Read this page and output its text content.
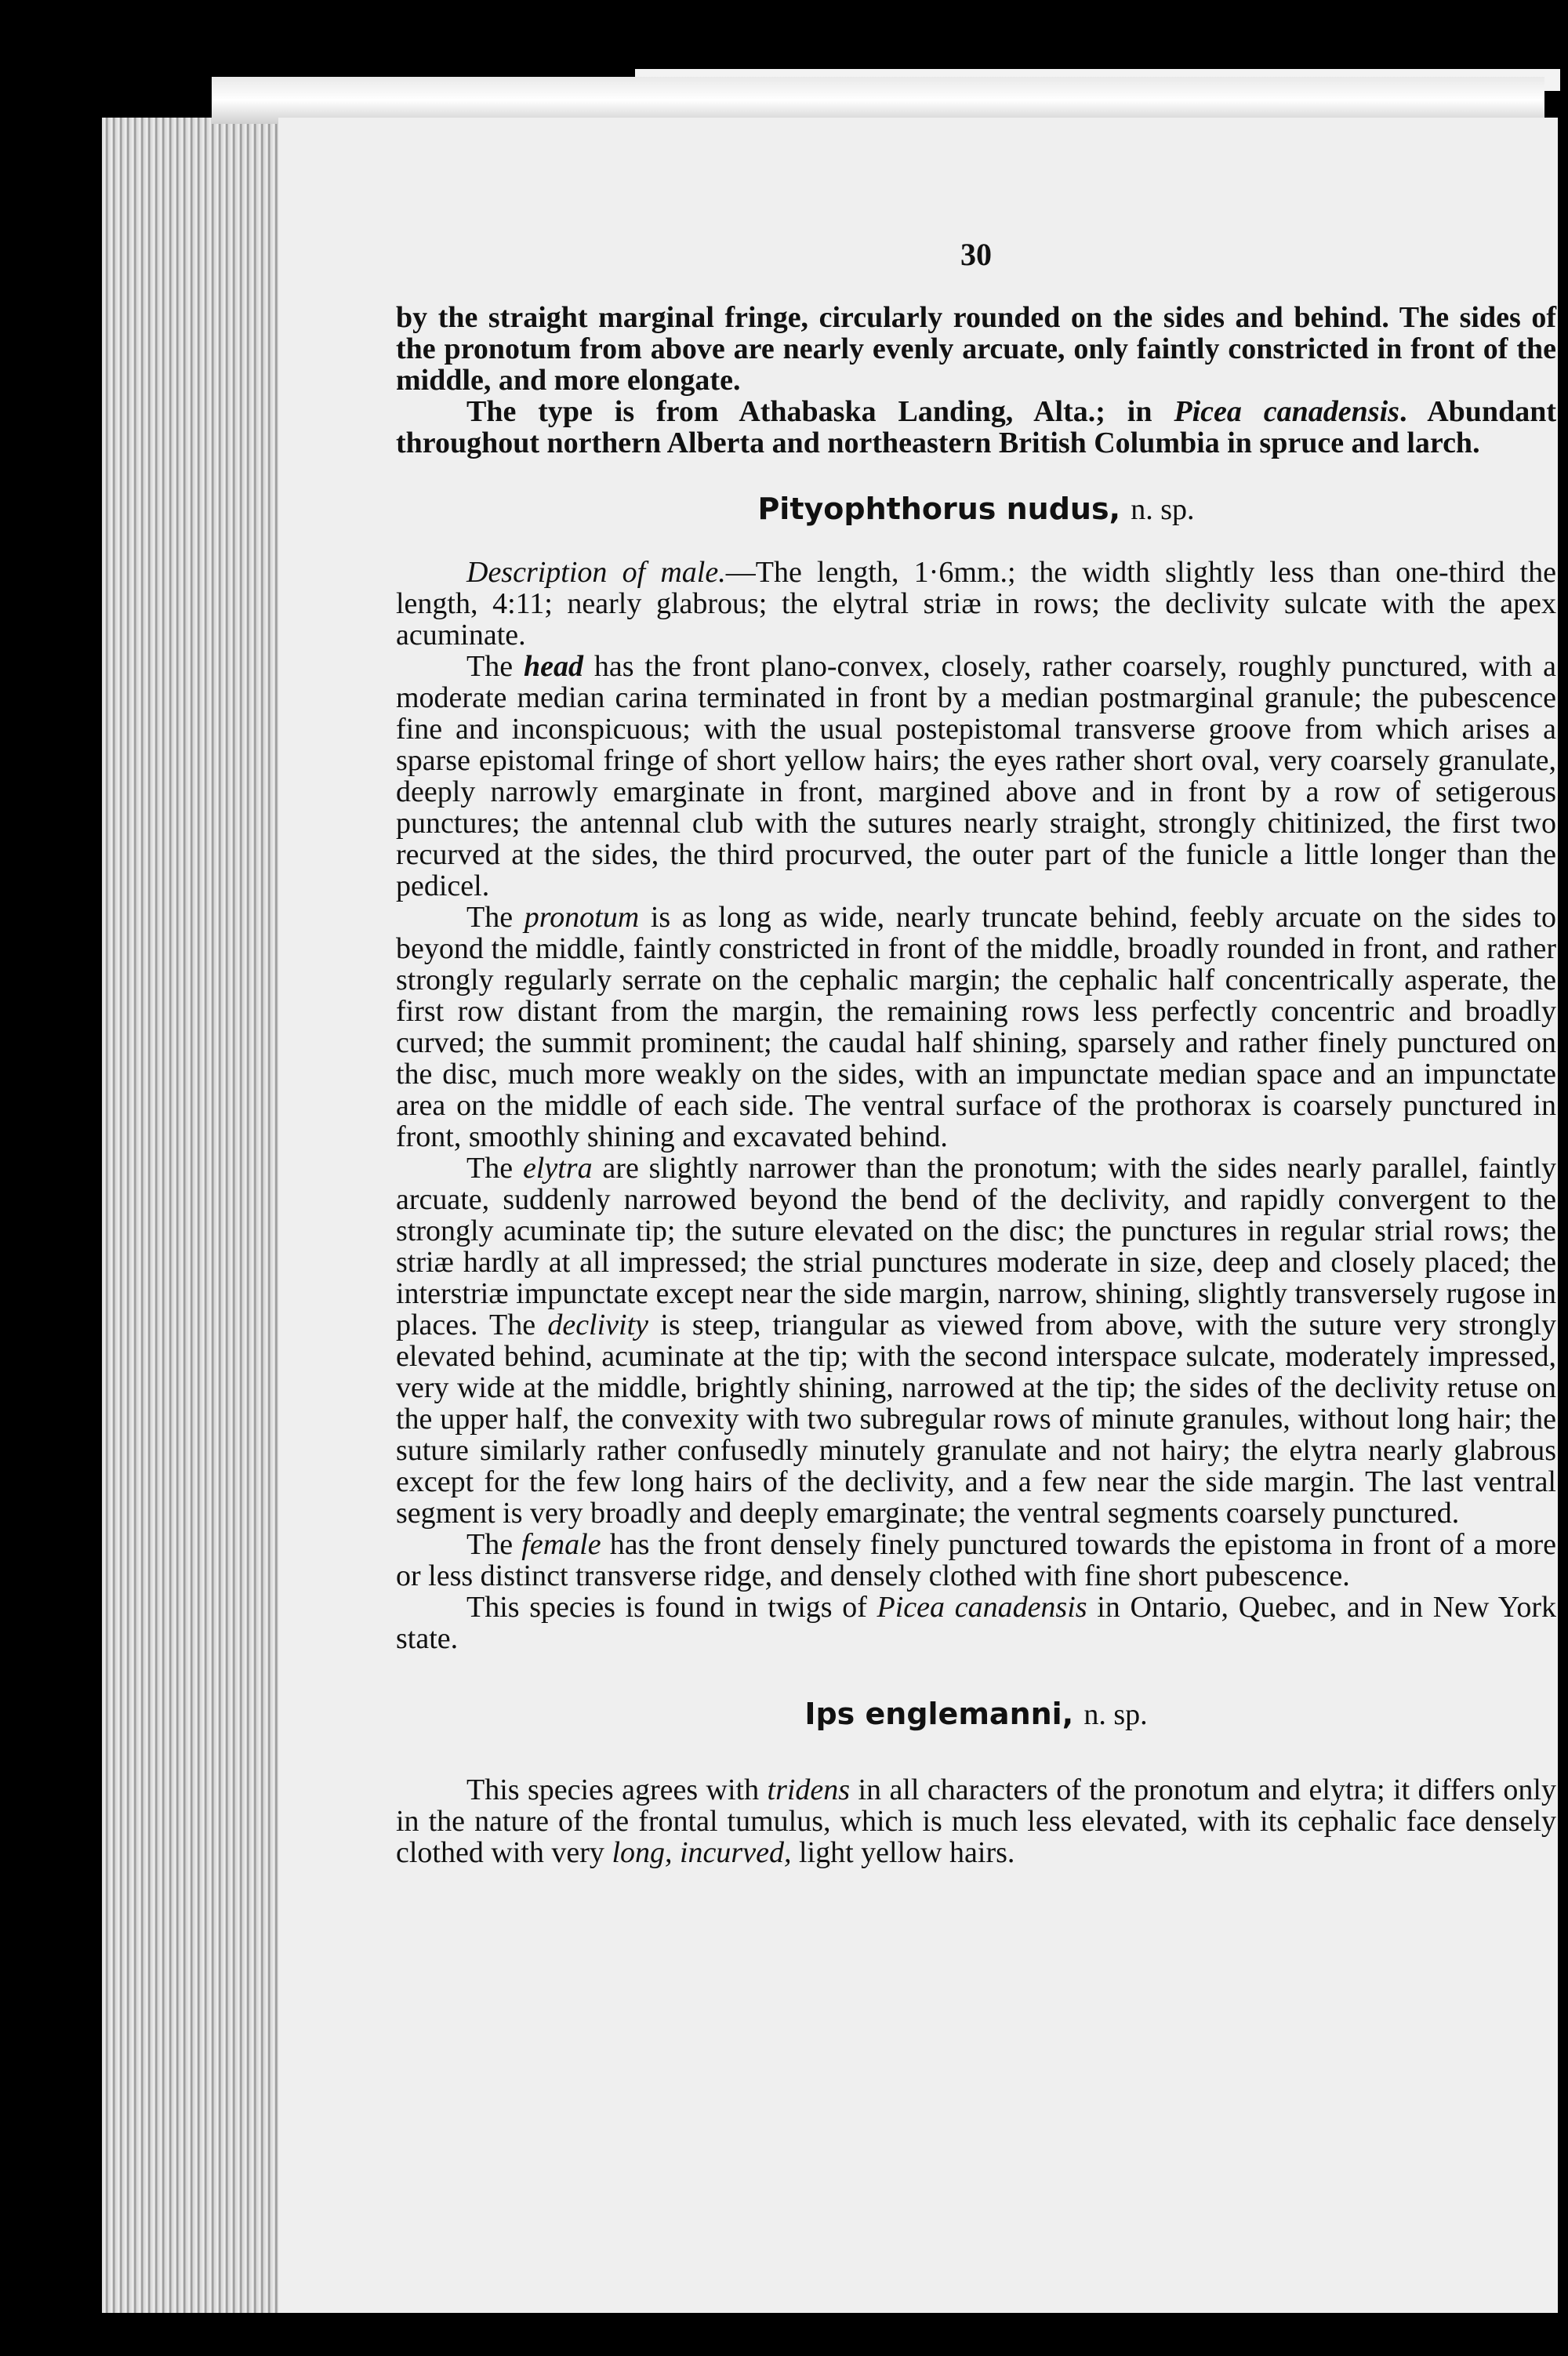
30

by the straight marginal fringe, circularly rounded on the sides and behind. The sides of the pronotum from above are nearly evenly arcuate, only faintly constricted in front of the middle, and more elongate.

The type is from Athabaska Landing, Alta.; in Picea canadensis. Abundant throughout northern Alberta and northeastern British Columbia in spruce and larch.

Pityophthorus nudus, n. sp.

Description of male.—The length, 1·6mm.; the width slightly less than one-third the length, 4:11; nearly glabrous; the elytral striæ in rows; the declivity sulcate with the apex acuminate.

The head has the front plano-convex, closely, rather coarsely, roughly punctured, with a moderate median carina terminated in front by a median postmarginal granule; the pubescence fine and inconspicuous; with the usual postepistomal transverse groove from which arises a sparse epistomal fringe of short yellow hairs; the eyes rather short oval, very coarsely granulate, deeply narrowly emarginate in front, margined above and in front by a row of setigerous punctures; the antennal club with the sutures nearly straight, strongly chitinized, the first two recurved at the sides, the third procurved, the outer part of the funicle a little longer than the pedicel.

The pronotum is as long as wide, nearly truncate behind, feebly arcuate on the sides to beyond the middle, faintly constricted in front of the middle, broadly rounded in front, and rather strongly regularly serrate on the cephalic margin; the cephalic half concentrically asperate, the first row distant from the margin, the remaining rows less perfectly concentric and broadly curved; the summit prominent; the caudal half shining, sparsely and rather finely punctured on the disc, much more weakly on the sides, with an impunctate median space and an impunctate area on the middle of each side. The ventral surface of the prothorax is coarsely punctured in front, smoothly shining and excavated behind.

The elytra are slightly narrower than the pronotum; with the sides nearly parallel, faintly arcuate, suddenly narrowed beyond the bend of the declivity, and rapidly convergent to the strongly acuminate tip; the suture elevated on the disc; the punctures in regular strial rows; the striæ hardly at all impressed; the strial punctures moderate in size, deep and closely placed; the interstriæ impunctate except near the side margin, narrow, shining, slightly transversely rugose in places. The declivity is steep, triangular as viewed from above, with the suture very strongly elevated behind, acuminate at the tip; with the second interspace sulcate, moderately impressed, very wide at the middle, brightly shining, narrowed at the tip; the sides of the declivity retuse on the upper half, the convexity with two subregular rows of minute granules, without long hair; the suture similarly rather confusedly minutely granulate and not hairy; the elytra nearly glabrous except for the few long hairs of the declivity, and a few near the side margin. The last ventral segment is very broadly and deeply emarginate; the ventral segments coarsely punctured.

The female has the front densely finely punctured towards the epistoma in front of a more or less distinct transverse ridge, and densely clothed with fine short pubescence.

This species is found in twigs of Picea canadensis in Ontario, Quebec, and in New York state.

Ips englemanni, n. sp.

This species agrees with tridens in all characters of the pronotum and elytra; it differs only in the nature of the frontal tumulus, which is much less elevated, with its cephalic face densely clothed with very long, incurved, light yellow hairs.
